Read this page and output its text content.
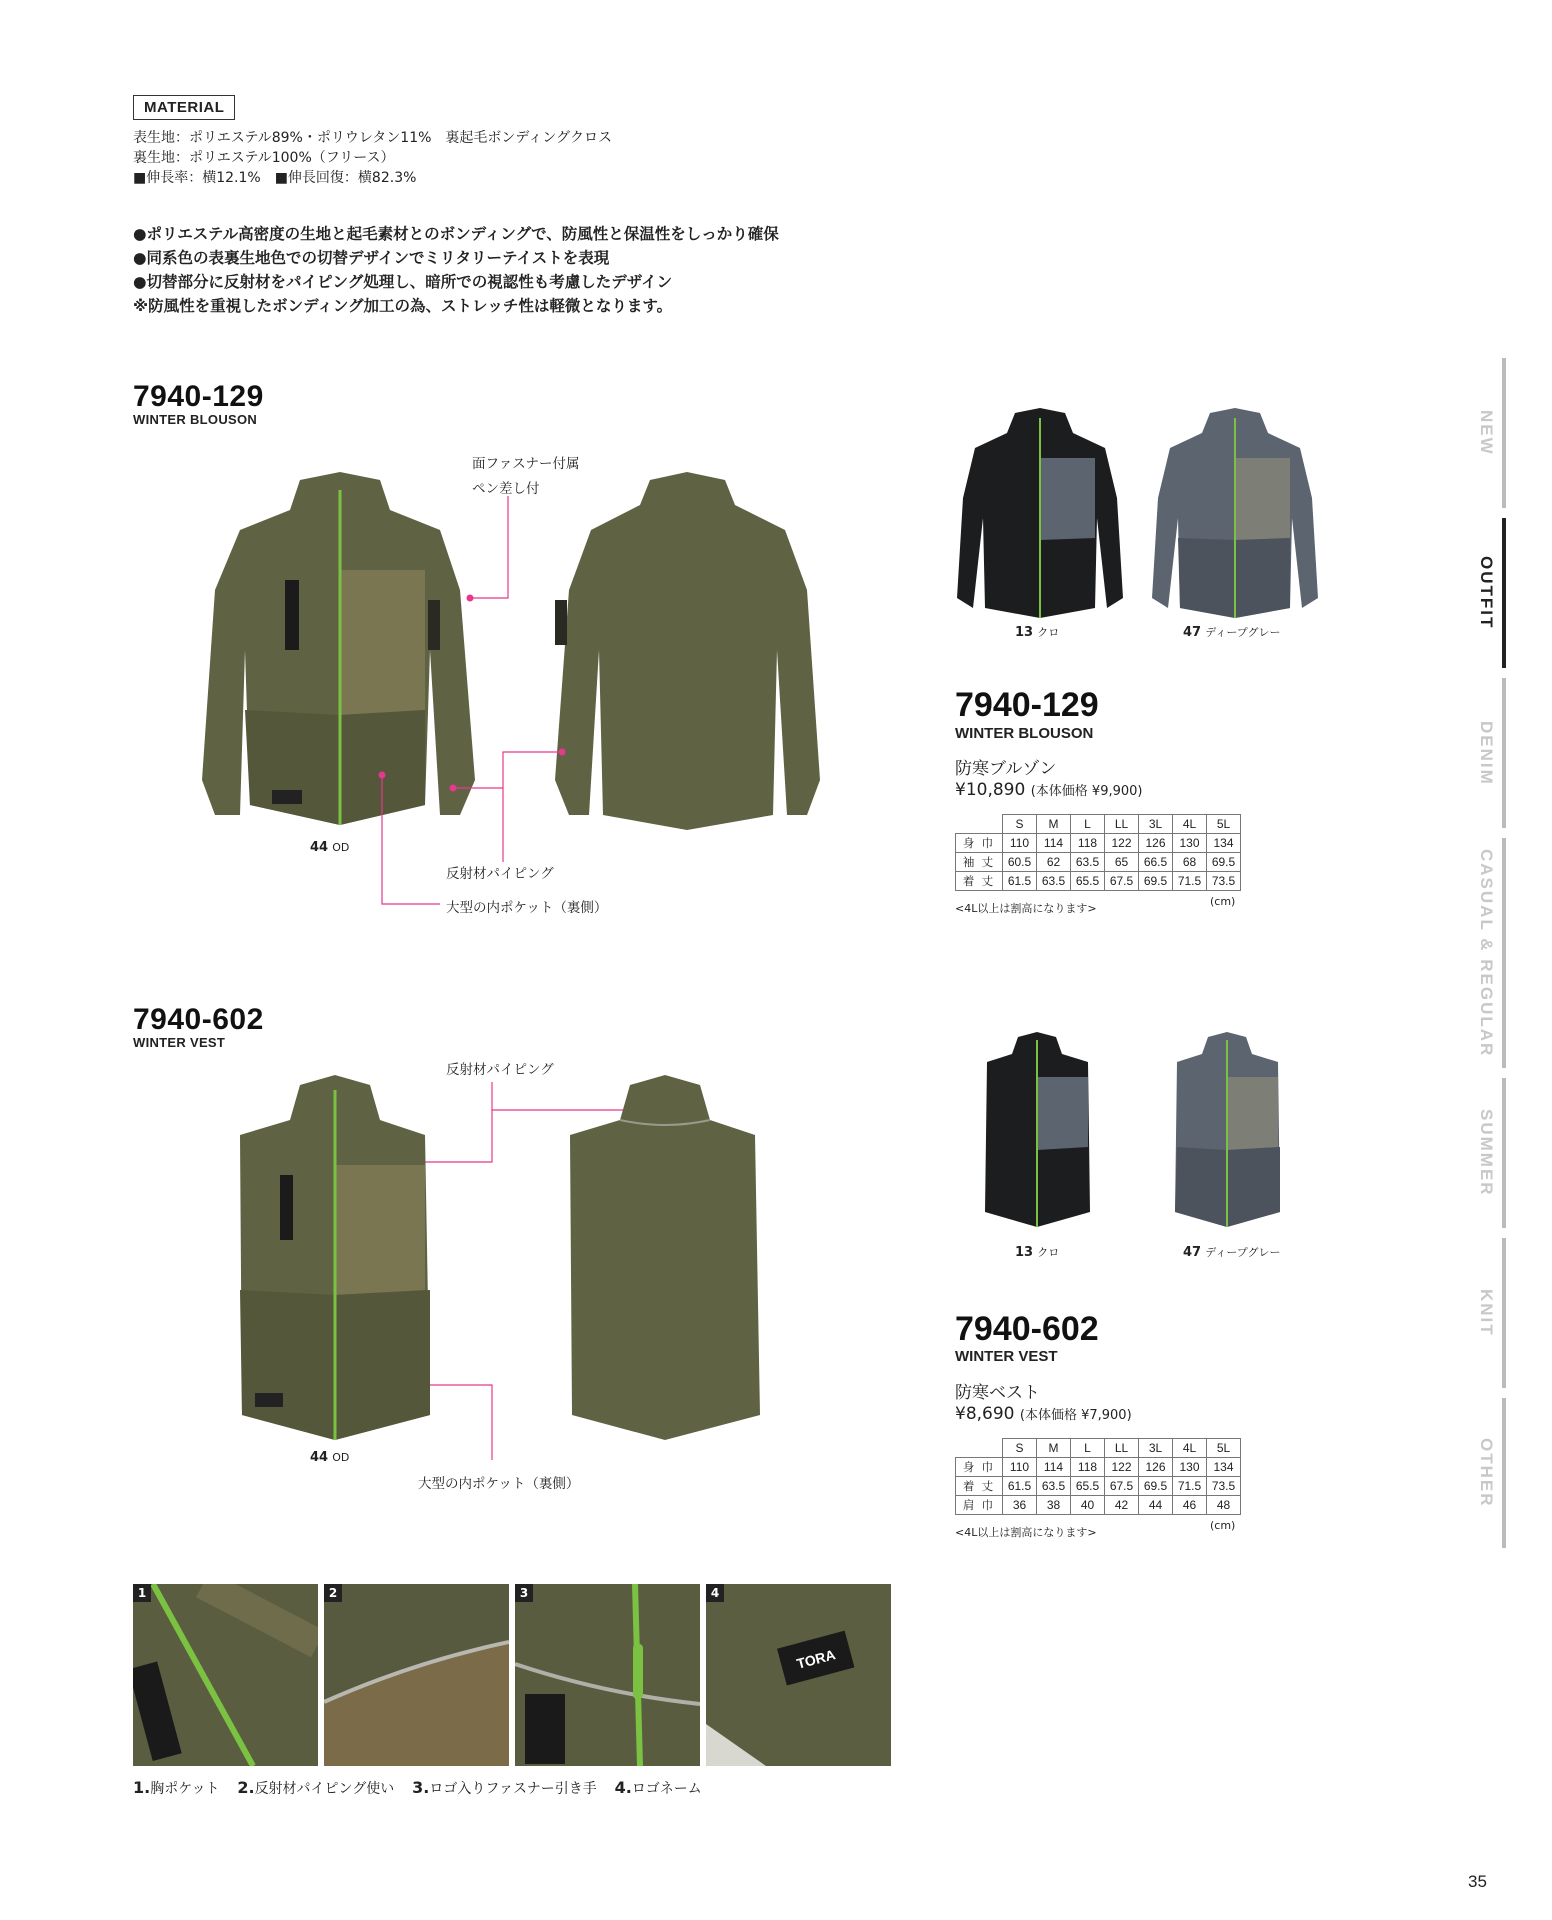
MATERIAL
表生地：ポリエステル89%・ポリウレタン11%　裏起毛ボンディングクロス
裏生地：ポリエステル100%（フリース）
■伸長率：横12.1%　■伸長回復：横82.3%
●ポリエステル高密度の生地と起毛素材とのボンディングで、防風性と保温性をしっかり確保
●同系色の表裏生地色での切替デザインでミリタリーテイストを表現
●切替部分に反射材をパイピング処理し、暗所での視認性も考慮したデザイン
※防風性を重視したボンディング加工の為、ストレッチ性は軽微となります。
7940-129
WINTER BLOUSON
面ファスナー付属
ペン差し付
反射材パイピング
大型の内ポケット（裏側）
44 OD
13 クロ	47 ディープグレー
7940-129
WINTER BLOUSON
防寒ブルゾン
¥10,890 (本体価格 ¥9,900)
	S	M	L	LL	3L	4L	5L
身 巾	110	114	118	122	126	130	134
袖 丈	60.5	62	63.5	65	66.5	68	69.5
着 丈	61.5	63.5	65.5	67.5	69.5	71.5	73.5
<4L以上は割高になります>
(cm)
7940-602
WINTER VEST
反射材パイピング
44 OD
大型の内ポケット（裏側）
13 クロ	47 ディープグレー
7940-602
WINTER VEST
防寒ベスト
¥8,690 (本体価格 ¥7,900)
	S	M	L	LL	3L	4L	5L
身 巾	110	114	118	122	126	130	134
着 丈	61.5	63.5	65.5	67.5	69.5	71.5	73.5
肩 巾	36	38	40	42	44	46	48
<4L以上は割高になります>
(cm)
1	2	3
TORA
4
1.胸ポケット 2.反射材パイピング使い 3.ロゴ入りファスナー引き手 4.ロゴネーム
NEW
OUTFIT
DENIM
CASUAL & REGULAR
SUMMER
KNIT
OTHER
35
